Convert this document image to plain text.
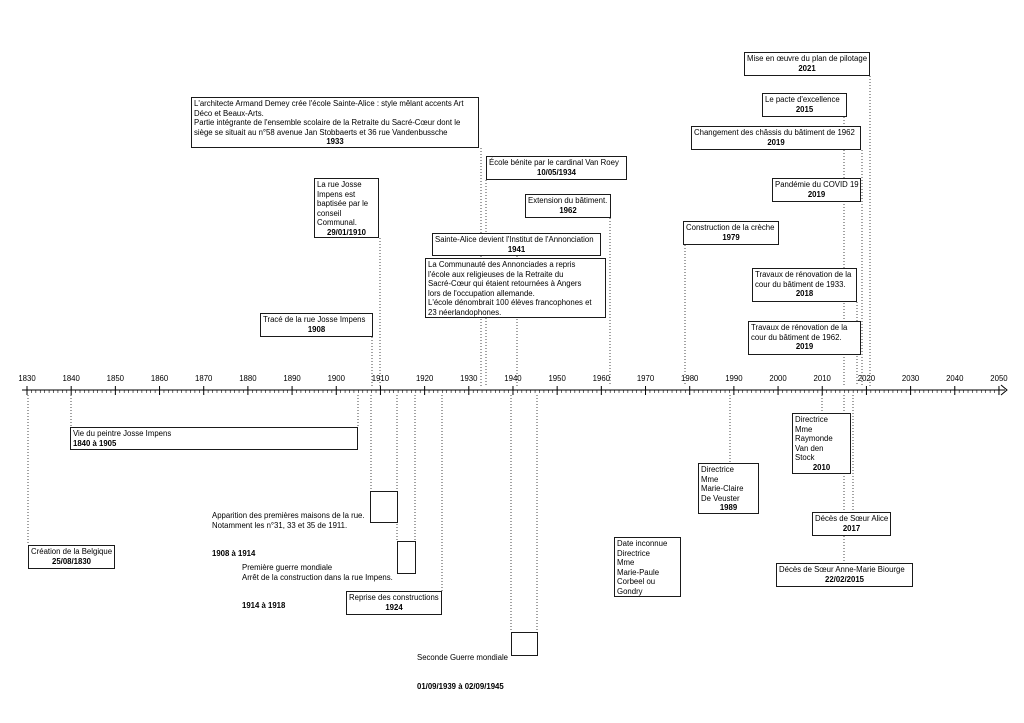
1830	1840	1850	1860	1870	1880	1890	1900	1910	1920	1930	1940	1950	1960	1970	1980	1990	2000	2010	2020	2030	2040	2050
L'architecte Armand Demey crée l'école Sainte-Alice : style mêlant accents Art
Déco et Beaux-Arts.
Partie intégrante de l'ensemble scolaire de la Retraite du Sacré-Cœur dont le
siège se situait au n°58 avenue Jan Stobbaerts et 36 rue Vandenbussche
1933
École bénite par le cardinal Van Roey
10/05/1934
La rue Josse
Impens est
baptisée par le
conseil
Communal.
29/01/1910
Extension du bâtiment.
1962
Sainte-Alice devient l'Institut de l'Annonciation
1941
La Communauté des Annonciades a repris
l'école aux religieuses de la Retraite du
Sacré-Cœur qui étaient retournées à Angers
lors de l'occupation allemande.
L'école dénombrait 100 élèves francophones et
23 néerlandophones.
Tracé de la rue Josse Impens
1908
Construction de la crèche
1979
Mise en œuvre du plan de pilotage
2021
Le pacte d'excellence
2015
Changement des châssis du bâtiment de 1962
2019
Pandémie du COVID 19
2019
Travaux de rénovation de la
cour du bâtiment de 1933.
2018
Travaux de rénovation de la
cour du bâtiment de 1962.
2019
Vie du peintre Josse Impens
1840 à 1905
Création de la Belgique
25/08/1830

Apparition des premières maisons de la rue.
Notamment les n°31, 33 et 35 de 1911.

1908 à 1914

Première guerre mondiale
Arrêt de la construction dans la rue Impens.

1914 à 1918

Reprise des constructions
1924

Seconde Guerre mondiale

01/09/1939 à 02/09/1945

Date inconnue
Directrice
Mme
Marie-Paule
Corbeel ou
Gondry
Directrice
Mme
Marie-Claire
De Veuster
1989
Directrice
Mme
Raymonde
Van den
Stock
2010
Décès de Sœur Alice
2017
Décès de Sœur Anne-Marie Biourge
22/02/2015
